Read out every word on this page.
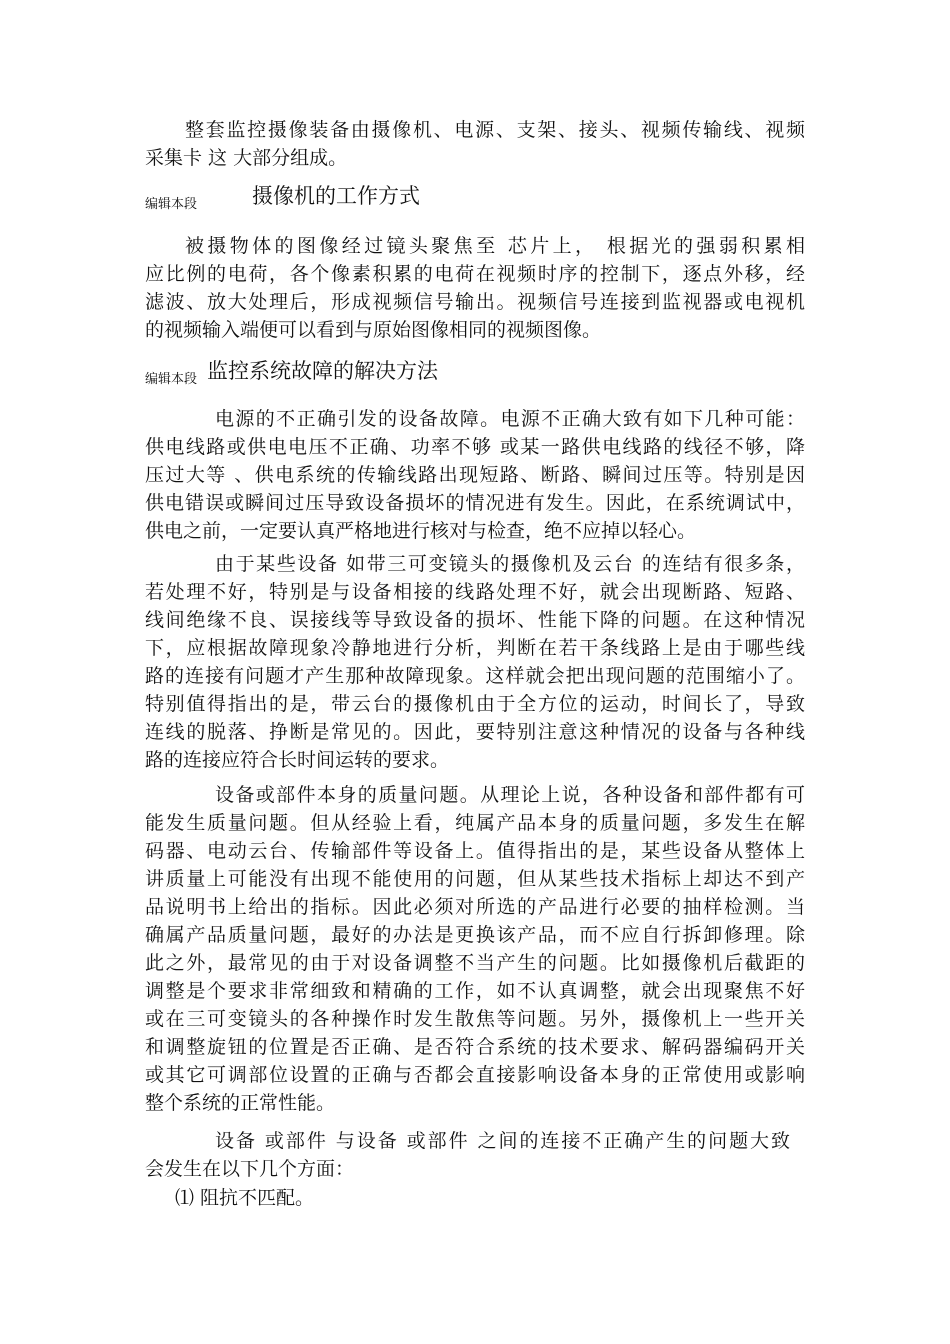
整套监控摄像装备由摄像机、电源、支架、接头、视频传输线、视频
采集卡 这 大部分组成。
编辑本段	摄像机的工作方式
被摄物体的图像经过镜头聚焦至 芯片上， 根据光的强弱积累相
应比例的电荷，各个像素积累的电荷在视频时序的控制下，逐点外移，经
滤波、放大处理后，形成视频信号输出。视频信号连接到监视器或电视机
的视频输入端便可以看到与原始图像相同的视频图像。
编辑本段 监控系统故障的解决方法
电源的不正确引发的设备故障。电源不正确大致有如下几种可能：
供电线路或供电电压不正确、功率不够 或某一路供电线路的线径不够，降
压过大等 、供电系统的传输线路出现短路、断路、瞬间过压等。特别是因
供电错误或瞬间过压导致设备损坏的情况进有发生。因此，在系统调试中，
供电之前，一定要认真严格地进行核对与检查，绝不应掉以轻心。
由于某些设备 如带三可变镜头的摄像机及云台 的连结有很多条，
若处理不好，特别是与设备相接的线路处理不好，就会出现断路、短路、
线间绝缘不良、误接线等导致设备的损坏、性能下降的问题。在这种情况
下，应根据故障现象冷静地进行分析，判断在若干条线路上是由于哪些线
路的连接有问题才产生那种故障现象。这样就会把出现问题的范围缩小了。
特别值得指出的是，带云台的摄像机由于全方位的运动，时间长了，导致
连线的脱落、挣断是常见的。因此，要特别注意这种情况的设备与各种线
路的连接应符合长时间运转的要求。
设备或部件本身的质量问题。从理论上说，各种设备和部件都有可
能发生质量问题。但从经验上看，纯属产品本身的质量问题，多发生在解
码器、电动云台、传输部件等设备上。值得指出的是，某些设备从整体上
讲质量上可能没有出现不能使用的问题，但从某些技术指标上却达不到产
品说明书上给出的指标。因此必须对所选的产品进行必要的抽样检测。当
确属产品质量问题，最好的办法是更换该产品，而不应自行拆卸修理。除
此之外，最常见的由于对设备调整不当产生的问题。比如摄像机后截距的
调整是个要求非常细致和精确的工作，如不认真调整，就会出现聚焦不好
或在三可变镜头的各种操作时发生散焦等问题。另外，摄像机上一些开关
和调整旋钮的位置是否正确、是否符合系统的技术要求、解码器编码开关
或其它可调部位设置的正确与否都会直接影响设备本身的正常使用或影响
整个系统的正常性能。
设备 或部件 与设备 或部件 之间的连接不正确产生的问题大致
会发生在以下几个方面：
⑴ 阻抗不匹配。
